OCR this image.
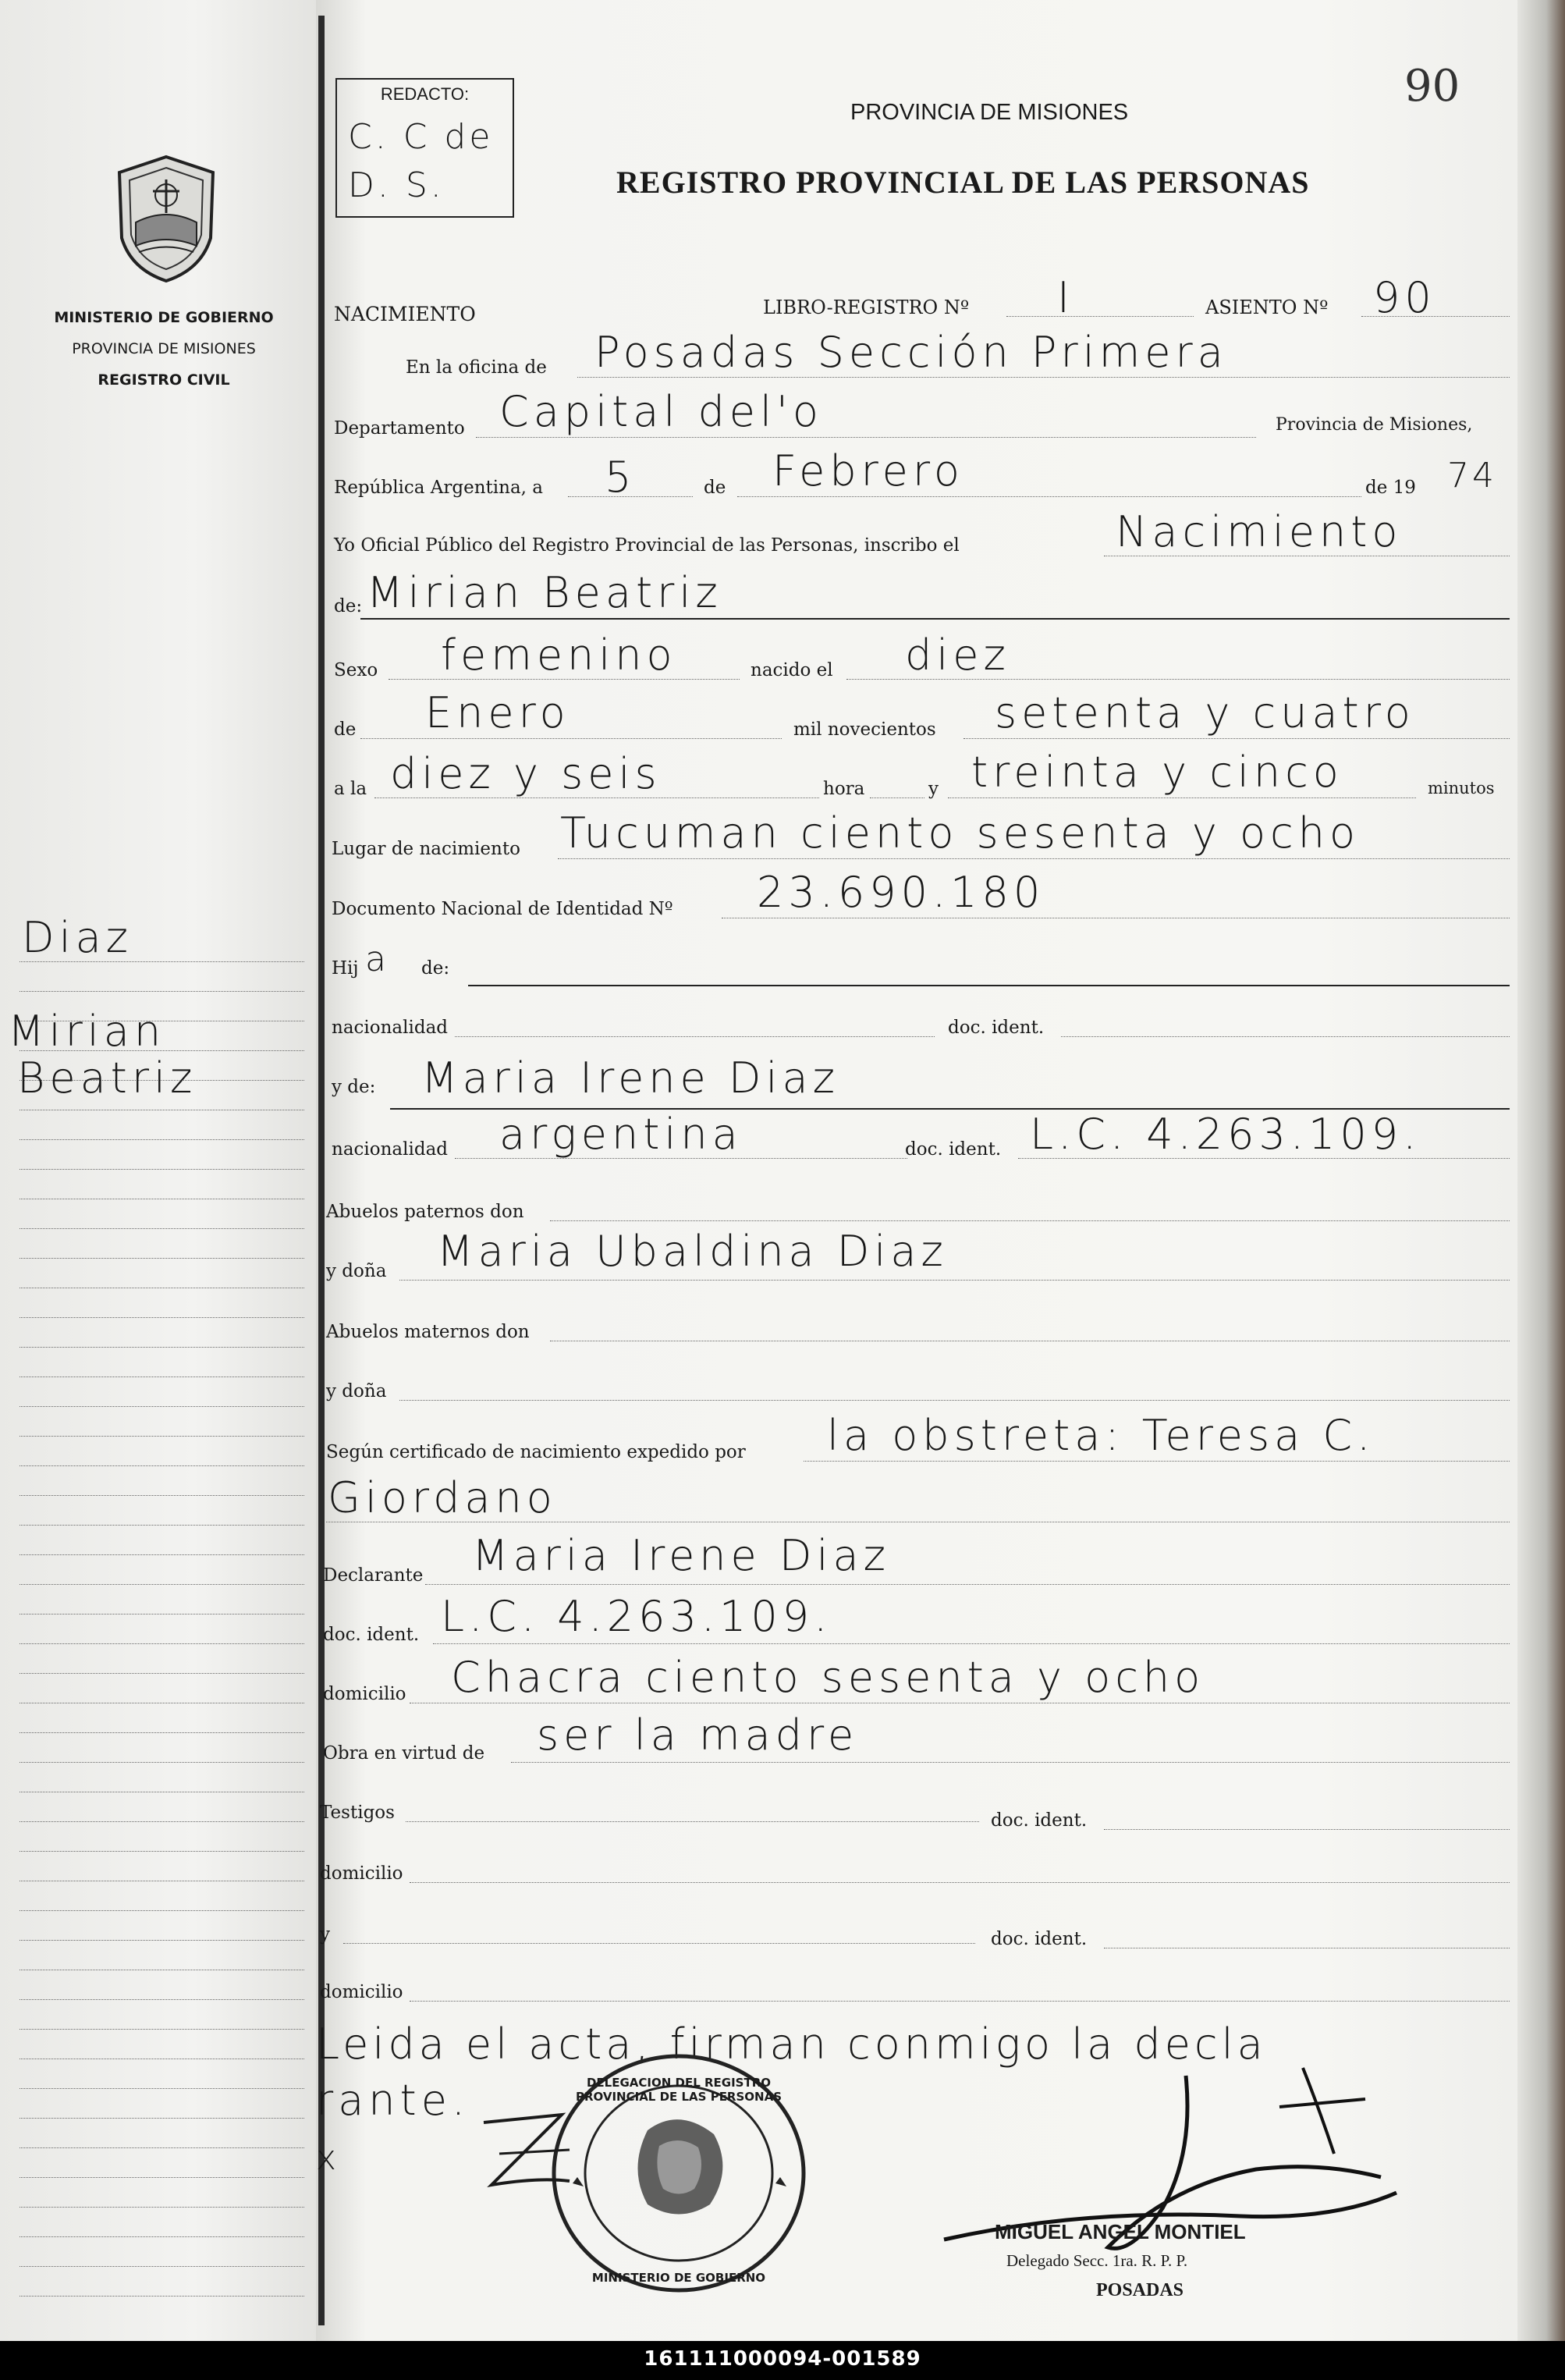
MINISTERIO DE GOBIERNO
PROVINCIA DE MISIONES
REGISTRO CIVIL
Diaz
Mirian
Beatriz
REDACTO:
C. C de
D. S.
90
PROVINCIA DE MISIONES
REGISTRO PROVINCIAL DE LAS PERSONAS
NACIMIENTO	LIBRO-REGISTRO Nº I	ASIENTO Nº 90
En la oficina de Posadas Sección Primera
Departamento Capital del'o	Provincia de Misiones,
República Argentina, a 5	de Febrero	de 19 74
Yo Oficial Público del Registro Provincial de las Personas, inscribo el	Nacimiento
de: Mirian Beatriz
Sexo femenino	nacido el diez
de Enero	mil novecientos setenta y cuatro
a la diez y seis	hora	y treinta y cinco	minutos
Lugar de nacimiento Tucuman ciento sesenta y ocho
Documento Nacional de Identidad Nº 23.690.180
Hij a de:
nacionalidad	doc. ident.
y de: Maria Irene Diaz
nacionalidad argentina	doc. ident. L.C. 4.263.109.
Abuelos paternos don
y doña Maria Ubaldina Diaz
Abuelos maternos don
y doña
Según certificado de nacimiento expedido por la obstreta: Teresa C.
Giordano
Declarante Maria Irene Diaz
doc. ident. L.C. 4.263.109.
domicilio Chacra ciento sesenta y ocho
Obra en virtud de ser la madre
Testigos	doc. ident.
domicilio
y	doc. ident.
domicilio
Leida el acta, firman conmigo la decla
rante.
x
DELEGACION DEL REGISTRO PROVINCIAL DE LAS PERSONAS
MINISTERIO DE GOBIERNO
MIGUEL ANGEL MONTIEL
Delegado Secc. 1ra. R. P. P.
POSADAS
161111000094-001589
